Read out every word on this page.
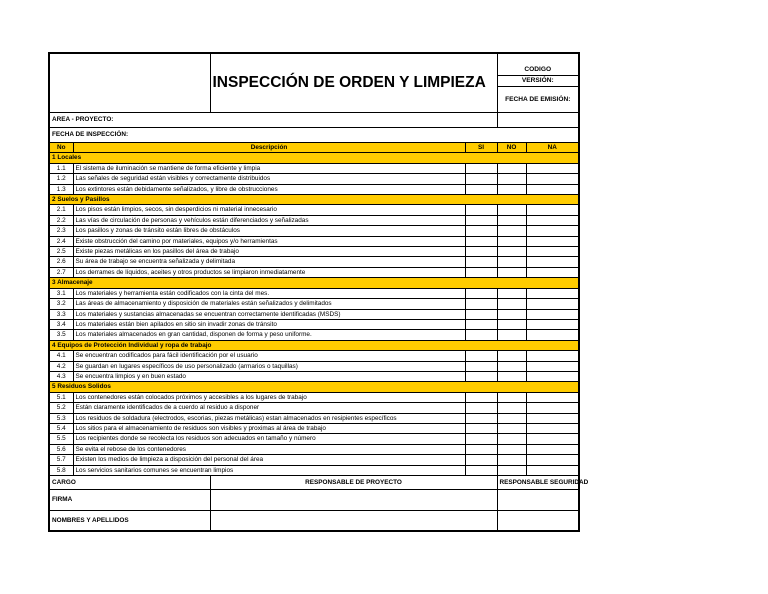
		INSPECCIÓN DE ORDEN Y LIMPIEZA			
				CODIGO	
				VERSIÓN:	
				FECHA DE EMISIÓN:	
AREA - PROYECTO:					
FECHA DE INSPECCIÓN:					
No	Descripción		SI	NO	NA
1 Locales					
1.1	El sistema de iluminación se mantiene de forma eficiente y limpia				
1.2	Las señales de seguridad están visibles y correctamente distribuidos				
1.3	Los extintores están debidamente señalizados, y libre de obstrucciones				
2 Suelos y Pasillos					
2.1	Los pisos están limpios, secos, sin desperdicios ni material innecesario				
2.2	Las vías de circulación de personas y vehículos están diferenciados y señalizadas				
2.3	Los pasillos y zonas de tránsito están libres de obstáculos				
2.4	Existe obstrucción del camino por materiales, equipos y/o herramientas				
2.5	Existe piezas metálicas en los pasillos del área de trabajo				
2.6	Su área de trabajo se encuentra señalizada y delimitada				
2.7	Los derrames de líquidos, aceites y otros productos se limpiaron inmediatamente				
3 Almacenaje					
3.1	Los materiales y herramienta están codificados con la cinta del mes.				
3.2	Las áreas de almacenamiento y disposición de materiales están señalizados y delimitados				
3.3	Los materiales y sustancias almacenadas se encuentran correctamente identificadas (MSDS)				
3.4	Los materiales están bien apilados en sitio sin invadir zonas de tránsito				
3.5	Los materiales almacenados en gran cantidad, disponen de forma y peso uniforme.				
4 Equipos de Protección Individual y ropa de trabajo					
4.1	Se encuentran codificados para fácil identificación por el usuario				
4.2	Se guardan en lugares específicos de uso personalizado (armarios o taquillas)				
4.3	Se encuentra limpios y en buen estado				
5 Residuos Solidos					
5.1	Los contenedores están colocados próximos y accesibles a los lugares de trabajo				
5.2	Están claramente identificados de a cuerdo al residuo a disponer				
5.3	Los residuos de soldadura (electrodos, escorias, piezas metálicas) estan almacenados en resipientes específicos				
5.4	Los sitios para el almacenamiento de residuos son visibles y proximas al área de trabajo				
5.5	Los recipientes donde se recolecta los residuos son adecuados en tamaño y número				
5.6	Se evita el rebose de los contenedores				
5.7	Existen los medios de limpieza a disposición del personal del área				
5.8	Los servicios sanitarios comunes se encuentran limpios				
CARGO		RESPONSABLE DE PROYECTO		RESPONSABLE SEGURIDAD	
FIRMA					
NOMBRES Y APELLIDOS					
